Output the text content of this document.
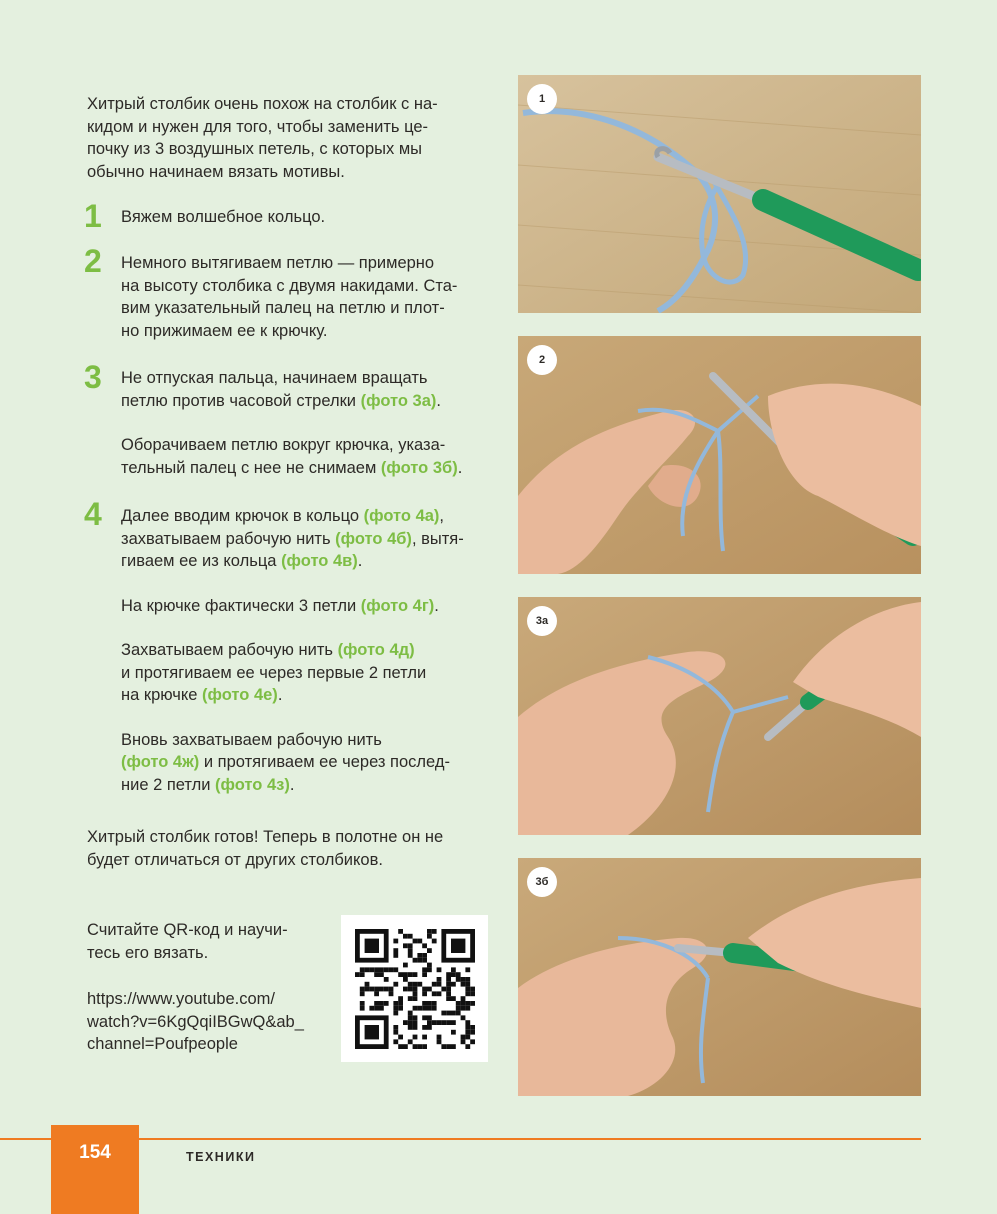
Хитрый столбик очень похож на столбик с на-
кидом и нужен для того, чтобы заменить це-
почку из 3 воздушных петель, с которых мы
обычно начинаем вязать мотивы.
1 Вяжем волшебное кольцо.
2 Немного вытягиваем петлю — примерно
на высоту столбика с двумя накидами. Ста-
вим указательный палец на петлю и плот-
но прижимаем ее к крючку.
3 Не отпуская пальца, начинаем вращать
петлю против часовой стрелки (фото 3а).
Оборачиваем петлю вокруг крючка, указа-
тельный палец с нее не снимаем (фото 3б).
4 Далее вводим крючок в кольцо (фото 4а),
захватываем рабочую нить (фото 4б), вытя-
гиваем ее из кольца (фото 4в).
На крючке фактически 3 петли (фото 4г).
Захватываем рабочую нить (фото 4д)
и протягиваем ее через первые 2 петли
на крючке (фото 4е).
Вновь захватываем рабочую нить
(фото 4ж) и протягиваем ее через послед-
ние 2 петли (фото 4з).
Хитрый столбик готов! Теперь в полотне он не
будет отличаться от других столбиков.
Считайте QR-код и научи-
тесь его вязать.
https://www.youtube.com/
watch?v=6KgQqiIBGwQ&ab_
channel=Poufpeople
1
2
3а
3б
154	ТЕХНИКИ
